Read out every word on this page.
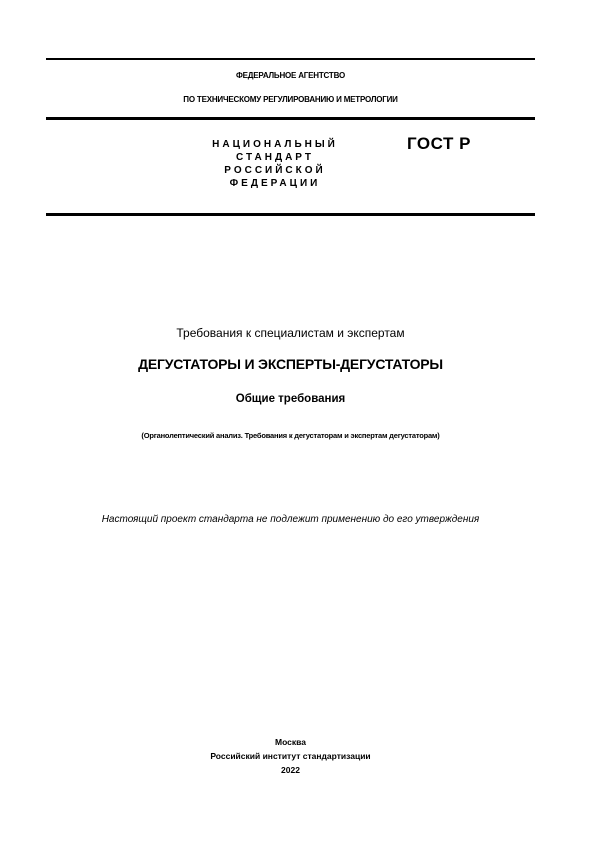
ФЕДЕРАЛЬНОЕ АГЕНТСТВО
ПО ТЕХНИЧЕСКОМУ РЕГУЛИРОВАНИЮ И МЕТРОЛОГИИ
НАЦИОНАЛЬНЫЙ
СТАНДАРТ
РОССИЙСКОЙ
ФЕДЕРАЦИИ
ГОСТ Р
Требования к специалистам и экспертам
ДЕГУСТАТОРЫ И ЭКСПЕРТЫ-ДЕГУСТАТОРЫ
Общие требования
(Органолептический анализ. Требования к дегустаторам и экспертам дегустаторам)
Настоящий проект стандарта не подлежит применению до его утверждения
Москва
Российский институт стандартизации
2022
